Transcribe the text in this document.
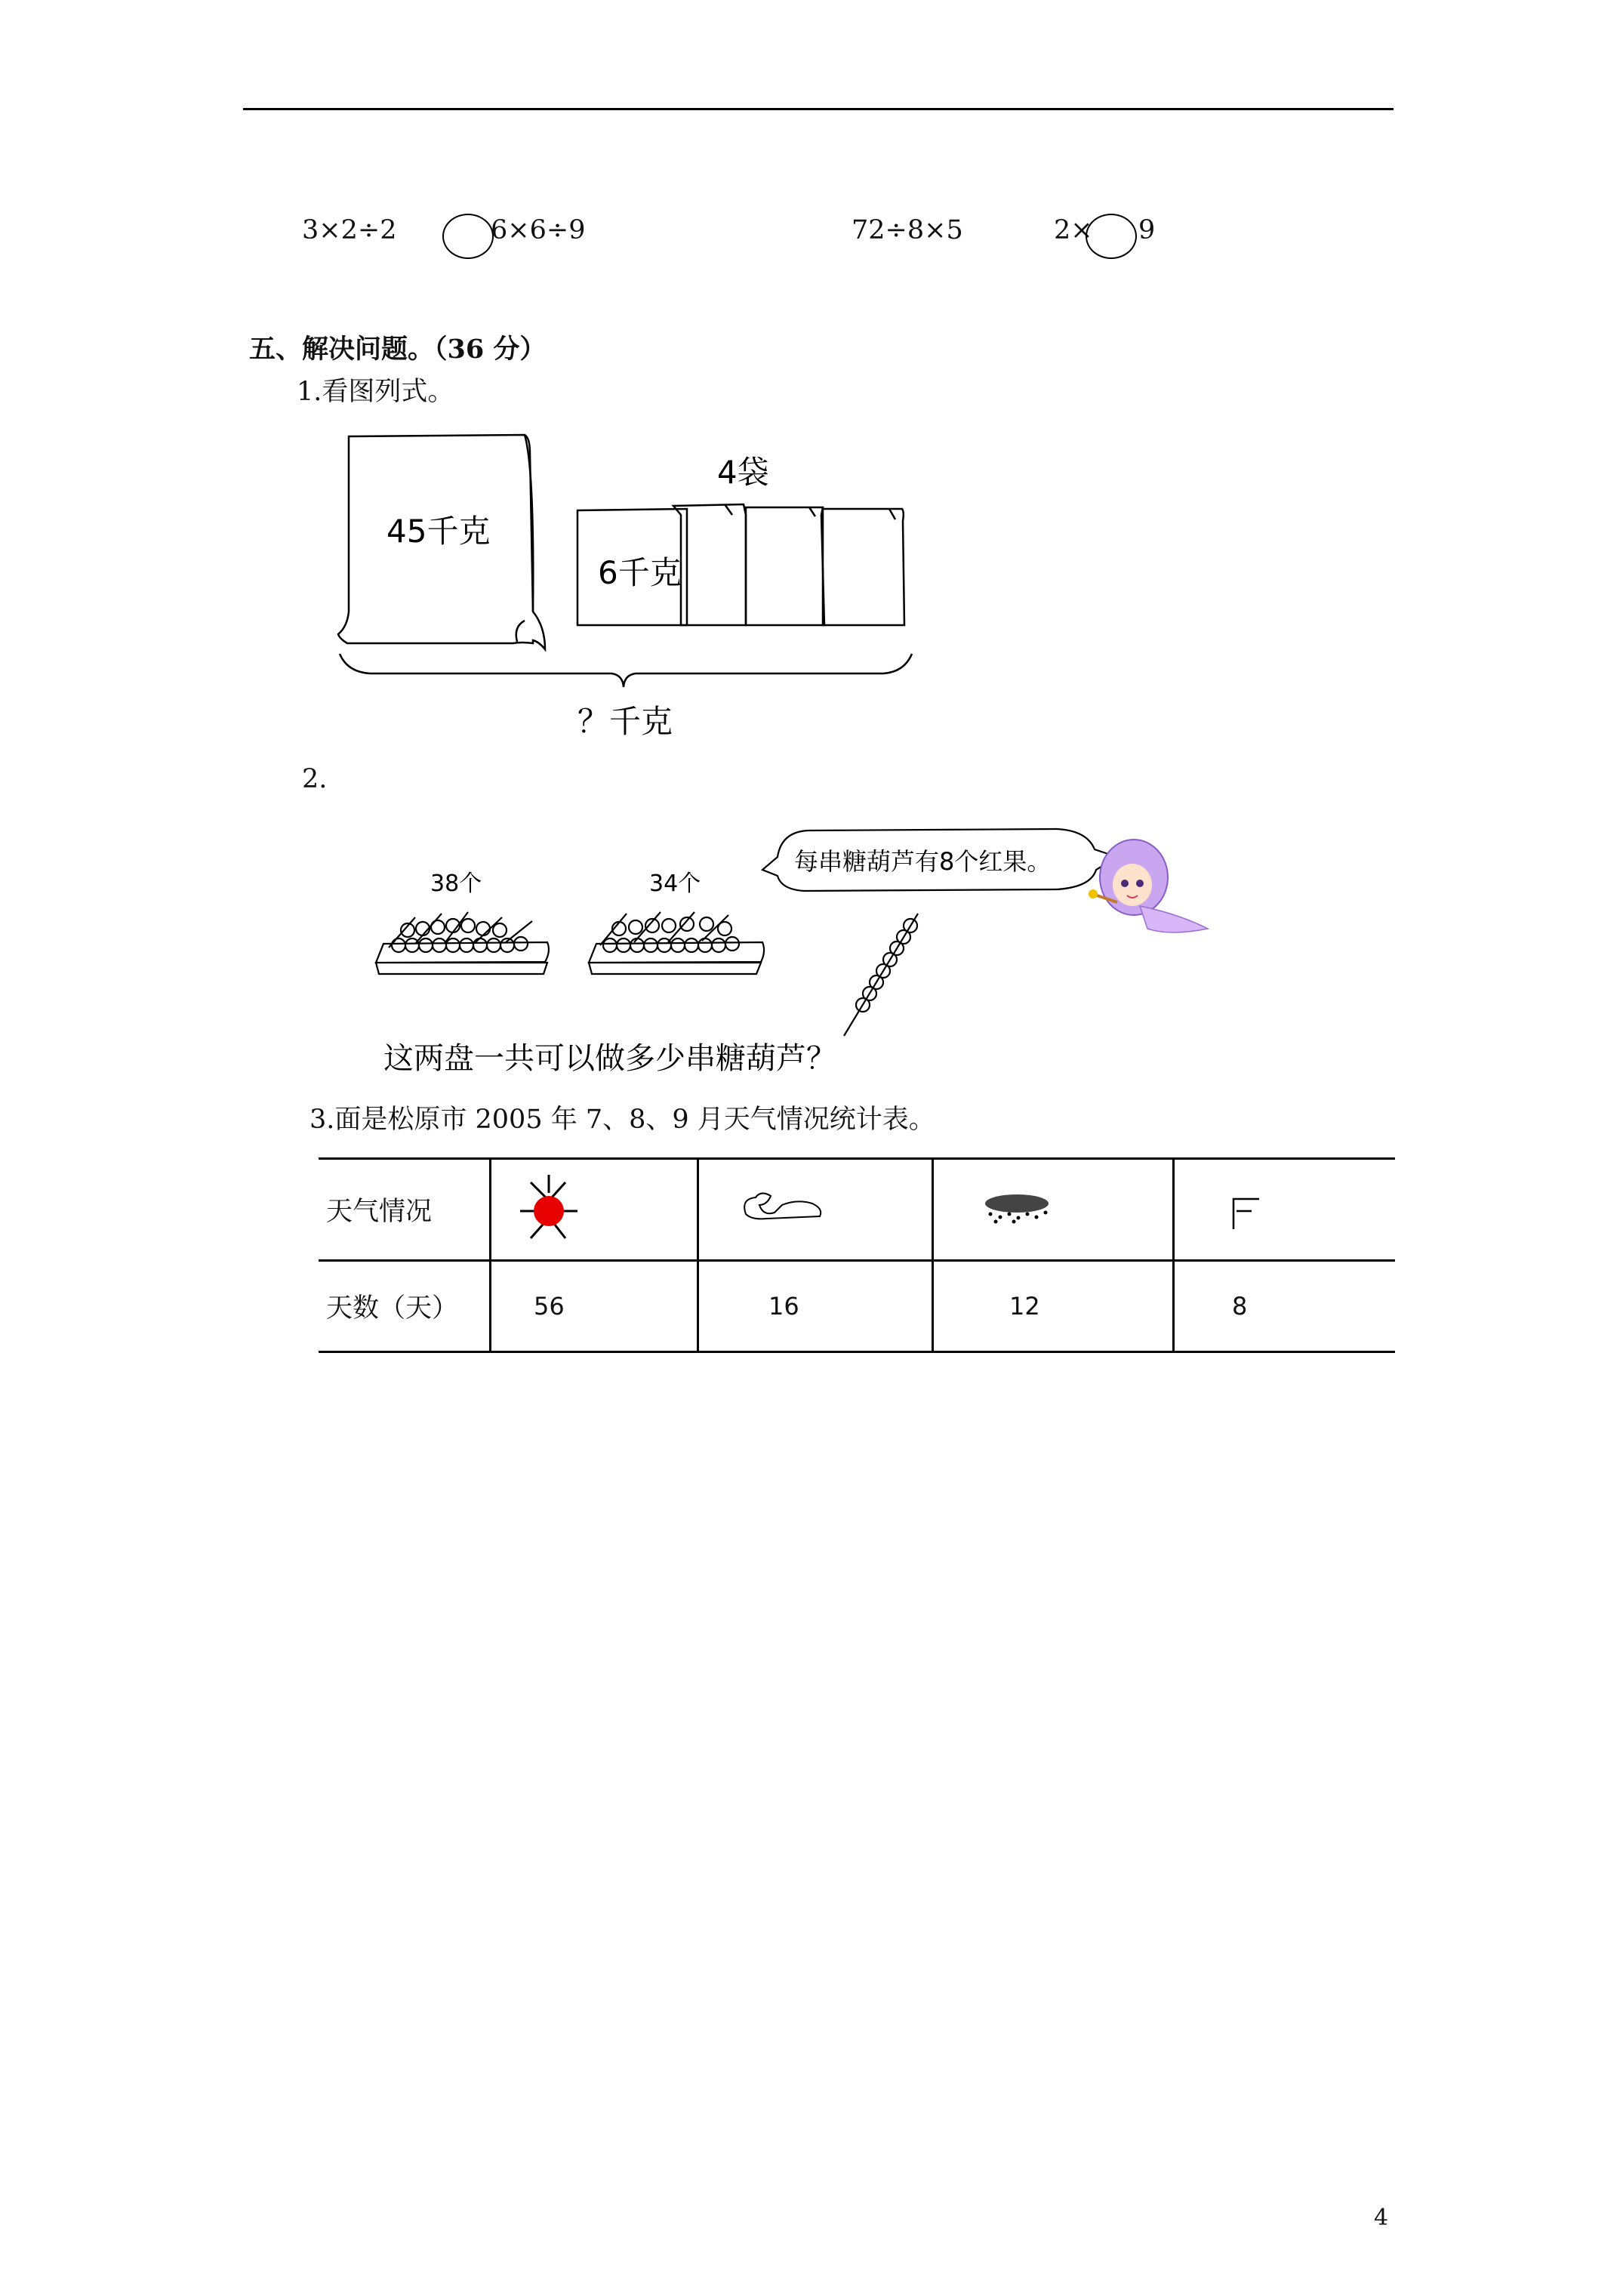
3×2÷2	6×6÷9	72÷8×5	2× 9
五、解决问题。（36 分）
1.看图列式。
45千克
6千克
4袋
？千克
2.
38个	34个
每串糖葫芦有8个红果。
这两盘一共可以做多少串糖葫芦？
3.面是松原市 2005 年 7、8、9 月天气情况统计表。
天气情况				
天数（天）	56	16	12	8
4
